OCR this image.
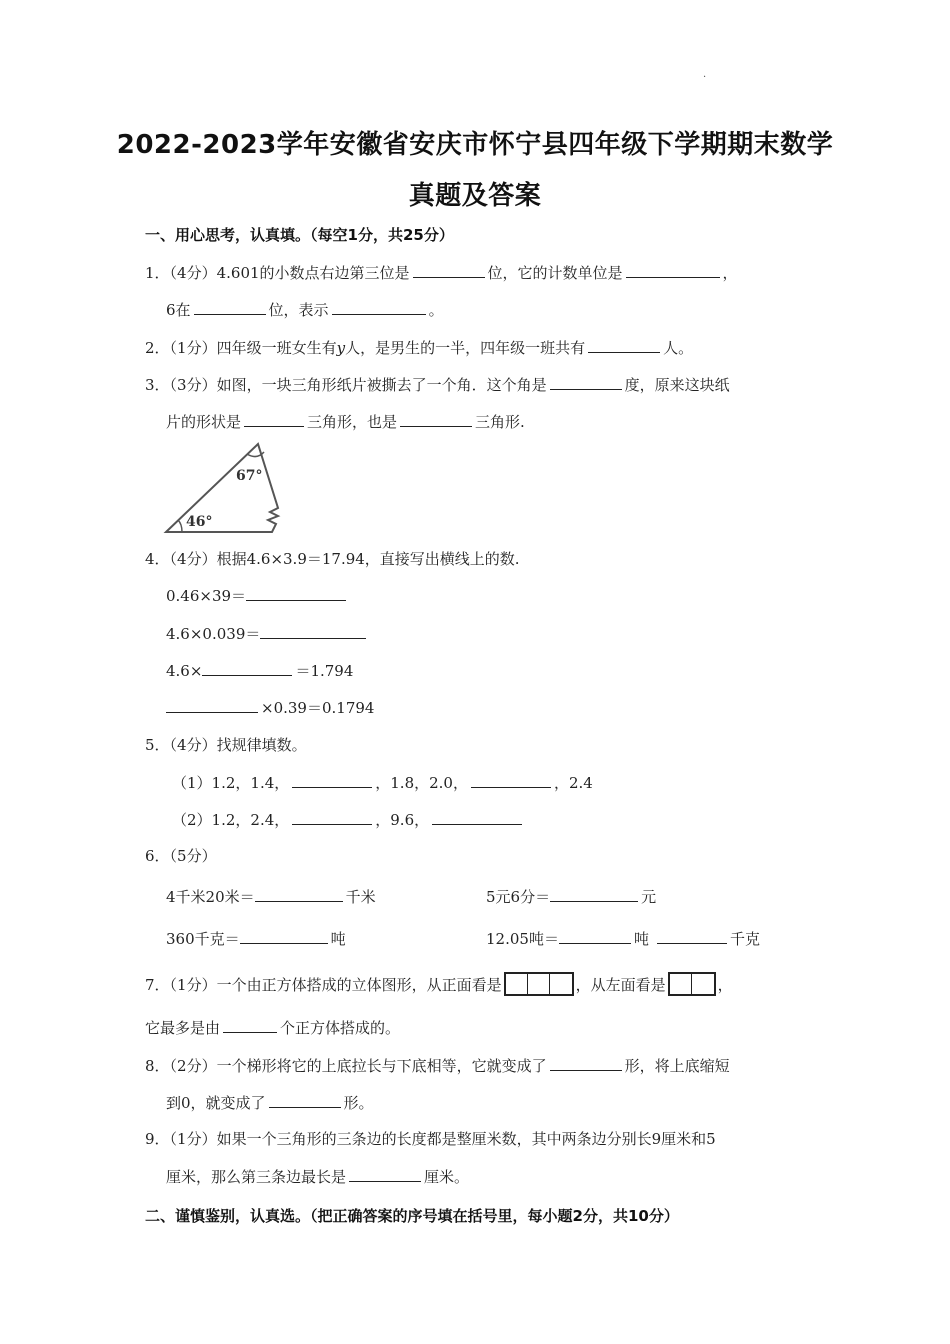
·
2022-2023学年安徽省安庆市怀宁县四年级下学期期末数学
真题及答案
一、用心思考，认真填。（每空1分，共25分）
1．（4分）4.601的小数点右边第三位是	位，它的计数单位是	，
6在	位，表示	。
2．（1分）四年级一班女生有y人，是男生的一半，四年级一班共有	人。
3．（3分）如图，一块三角形纸片被撕去了一个角．这个角是	度，原来这块纸
片的形状是	三角形，也是	三角形.
67°
46°
4．（4分）根据4.6×3.9＝17.94，直接写出横线上的数.
0.46×39＝
4.6×0.039＝
4.6×	＝1.794
×0.39＝0.1794
5．（4分）找规律填数。
（1）1.2，1.4，	，1.8，2.0，	，2.4
（2）1.2，2.4，	，9.6，
6．（5分）
4千米20米＝	千米	5元6分＝	元
360千克＝	吨	12.05吨＝	吨	千克
7．（1分）一个由正方体搭成的立体图形，从正面看是	，从左面看是	，
它最多是由	个正方体搭成的。
8．（2分）一个梯形将它的上底拉长与下底相等，它就变成了	形，将上底缩短
到0，就变成了	形。
9．（1分）如果一个三角形的三条边的长度都是整厘米数，其中两条边分别长9厘米和5
厘米，那么第三条边最长是	厘米。
二、谨慎鉴别，认真选。（把正确答案的序号填在括号里，每小题2分，共10分）
